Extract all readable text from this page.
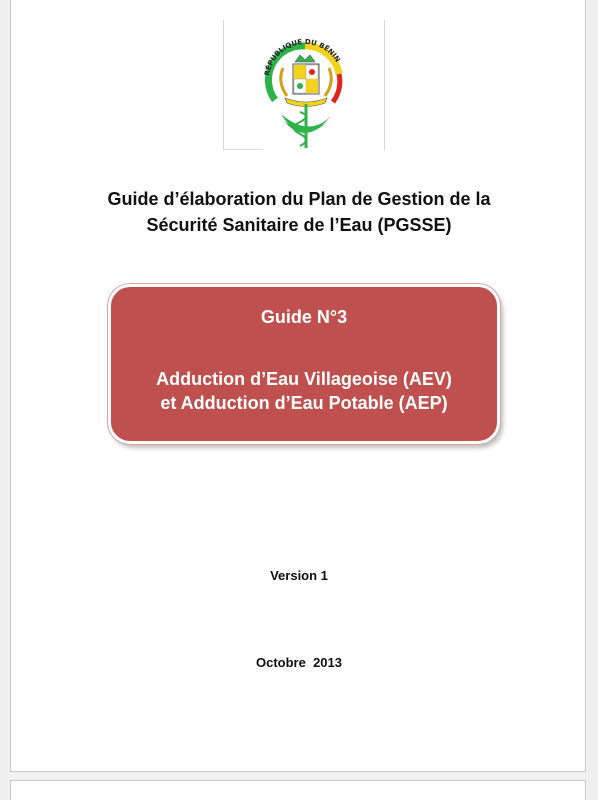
RÉPUBLIQUE DU BÉNIN
Guide d’élaboration du Plan de Gestion de la
Sécurité Sanitaire de l’Eau (PGSSE)
Guide N°3
Adduction d’Eau Villageoise (AEV)
et Adduction d’Eau Potable (AEP)
Version 1
Octobre  2013
